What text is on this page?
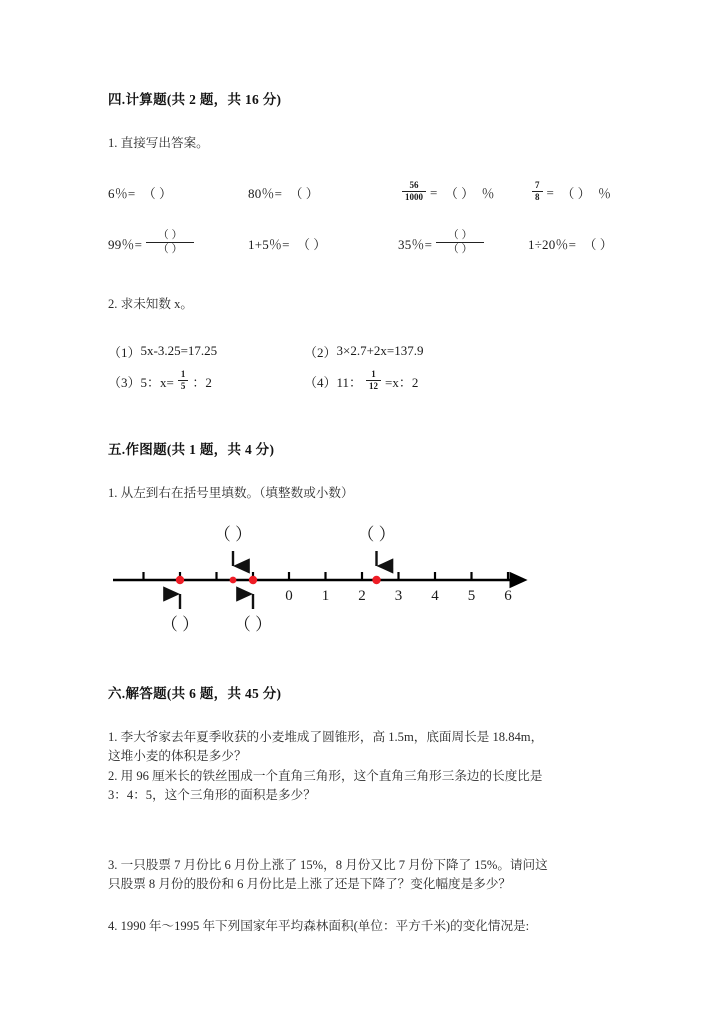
四.计算题(共 2 题，共 16 分)
1. 直接写出答案。
6％= （ ）	80％= （ ）	$\frac{56}{1000}$ = （ ） ％	$\frac{7}{8}$ = （ ） ％
99％= $\frac{( )}{( )}$	1+5％= （ ）	35％= $\frac{( )}{( )}$	1÷20％= （ ）
2. 求未知数 x。
（1） 5x-3.25=17.25	（2） 3×2.7+2x=137.9
（3） 5：$x= \frac{1}{5}$ ：2	（4） 11： $\frac{1}{12} =x$：2
五.作图题(共 1 题，共 4 分)
1. 从左到右在括号里填数。（填整数或小数）
0 1 2 3 4 5 6
（ ）	（ ）
（ ） （ ）
六.解答题(共 6 题，共 45 分)
1. 李大爷家去年夏季收获的小麦堆成了圆锥形，高 1.5m，底面周长是 18.84m，
这堆小麦的体积是多少？
2. 用 96 厘米长的铁丝围成一个直角三角形，这个直角三角形三条边的长度比是
3：4：5，这个三角形的面积是多少？
3. 一只股票 7 月份比 6 月份上涨了 15%，8 月份又比 7 月份下降了 15%。请问这
只股票 8 月份的股份和 6 月份比是上涨了还是下降了？变化幅度是多少？
4. 1990 年～1995 年下列国家年平均森林面积(单位：平方千米)的变化情况是:
